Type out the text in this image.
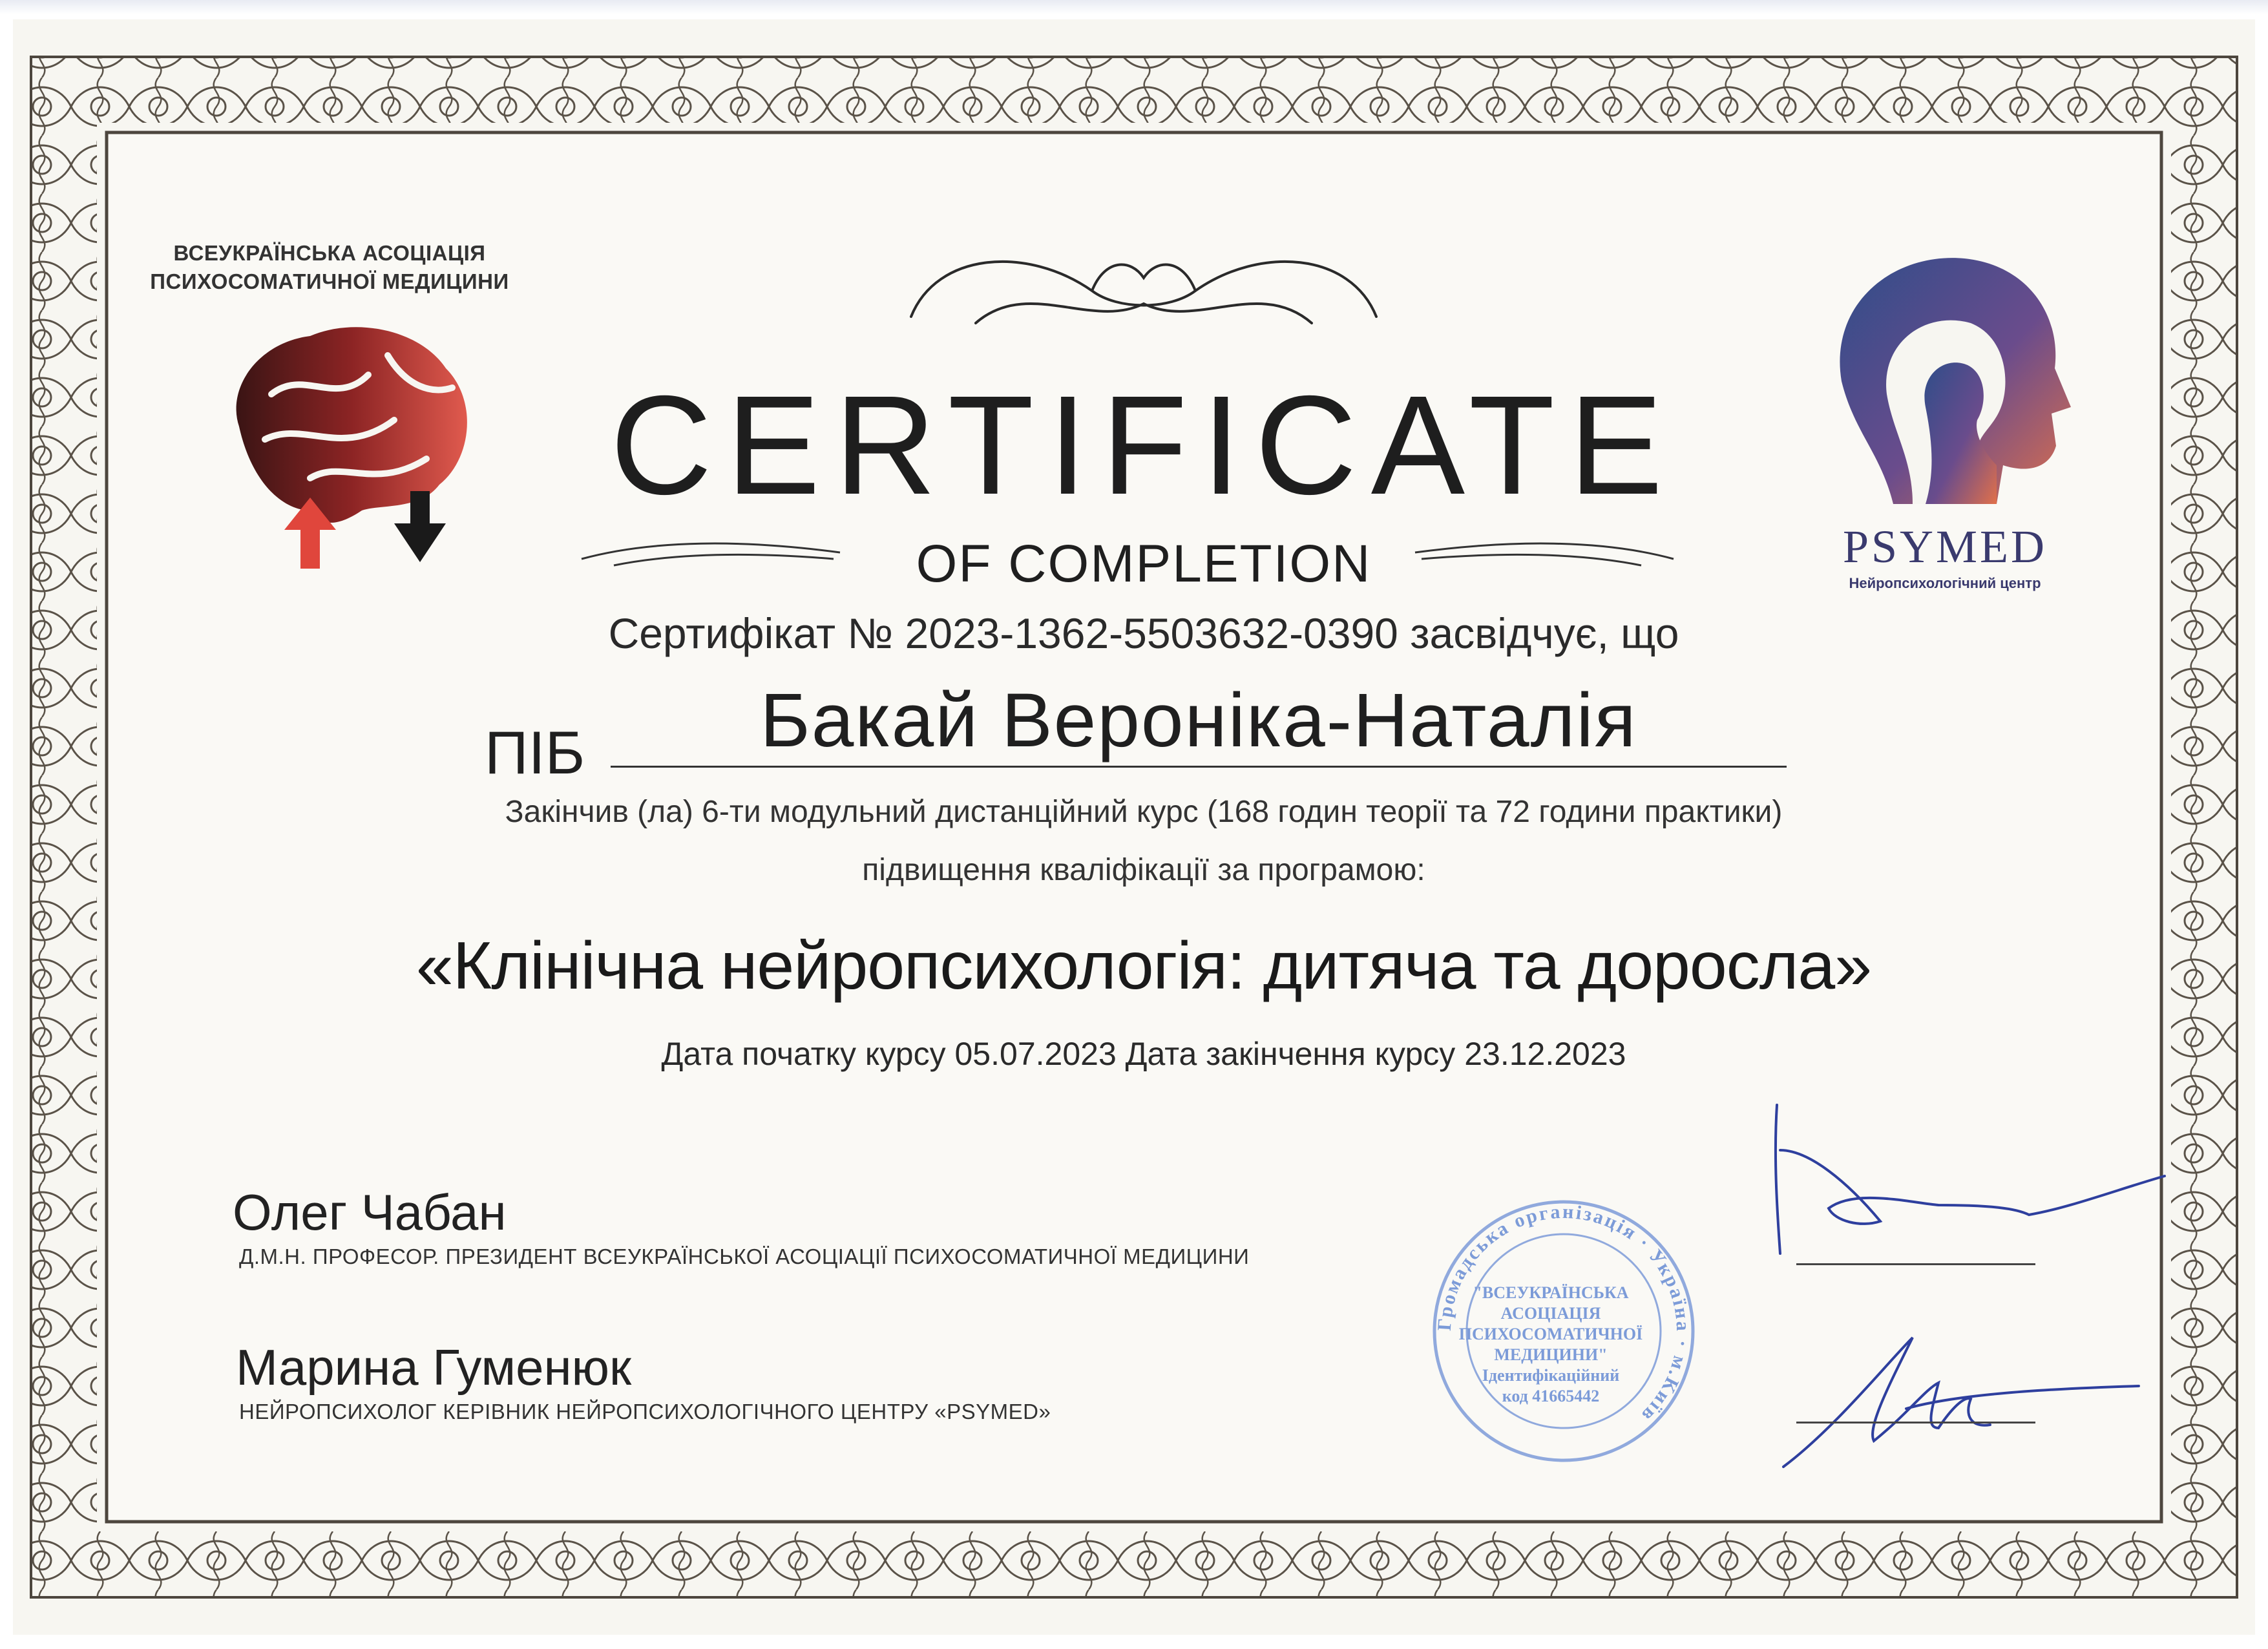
ВСЕУКРАЇНСЬКА АСОЦІАЦІЯ
ПСИХОСОМАТИЧНОЇ МЕДИЦИНИ
PSYMED
Нейропсихологічний центр
CERTIFICATE
OF COMPLETION
Сертифікат № 2023-1362-5503632-0390 засвідчує, що
ПІБ	Бакай Вероніка-Наталія
Закінчив (ла) 6-ти модульний дистанційний курс (168 годин теорії та 72 години практики)
підвищення кваліфікації за програмою:
«Клінічна нейропсихологія: дитяча та доросла»
Дата початку курсу 05.07.2023 Дата закінчення курсу 23.12.2023
Олег Чабан
Д.М.Н. ПРОФЕСОР. ПРЕЗИДЕНТ ВСЕУКРАЇНСЬКОЇ АСОЦІАЦІЇ ПСИХОСОМАТИЧНОЇ МЕДИЦИНИ
Марина Гуменюк
НЕЙРОПСИХОЛОГ КЕРІВНИК НЕЙРОПСИХОЛОГІЧНОГО ЦЕНТРУ «PSYMED»
Громадська організація · Україна · м.Київ
"ВСЕУКРАЇНСЬКА
АСОЦІАЦІЯ
ПСИХОСОМАТИЧНОЇ
МЕДИЦИНИ"
Ідентифікаційний
код 41665442
